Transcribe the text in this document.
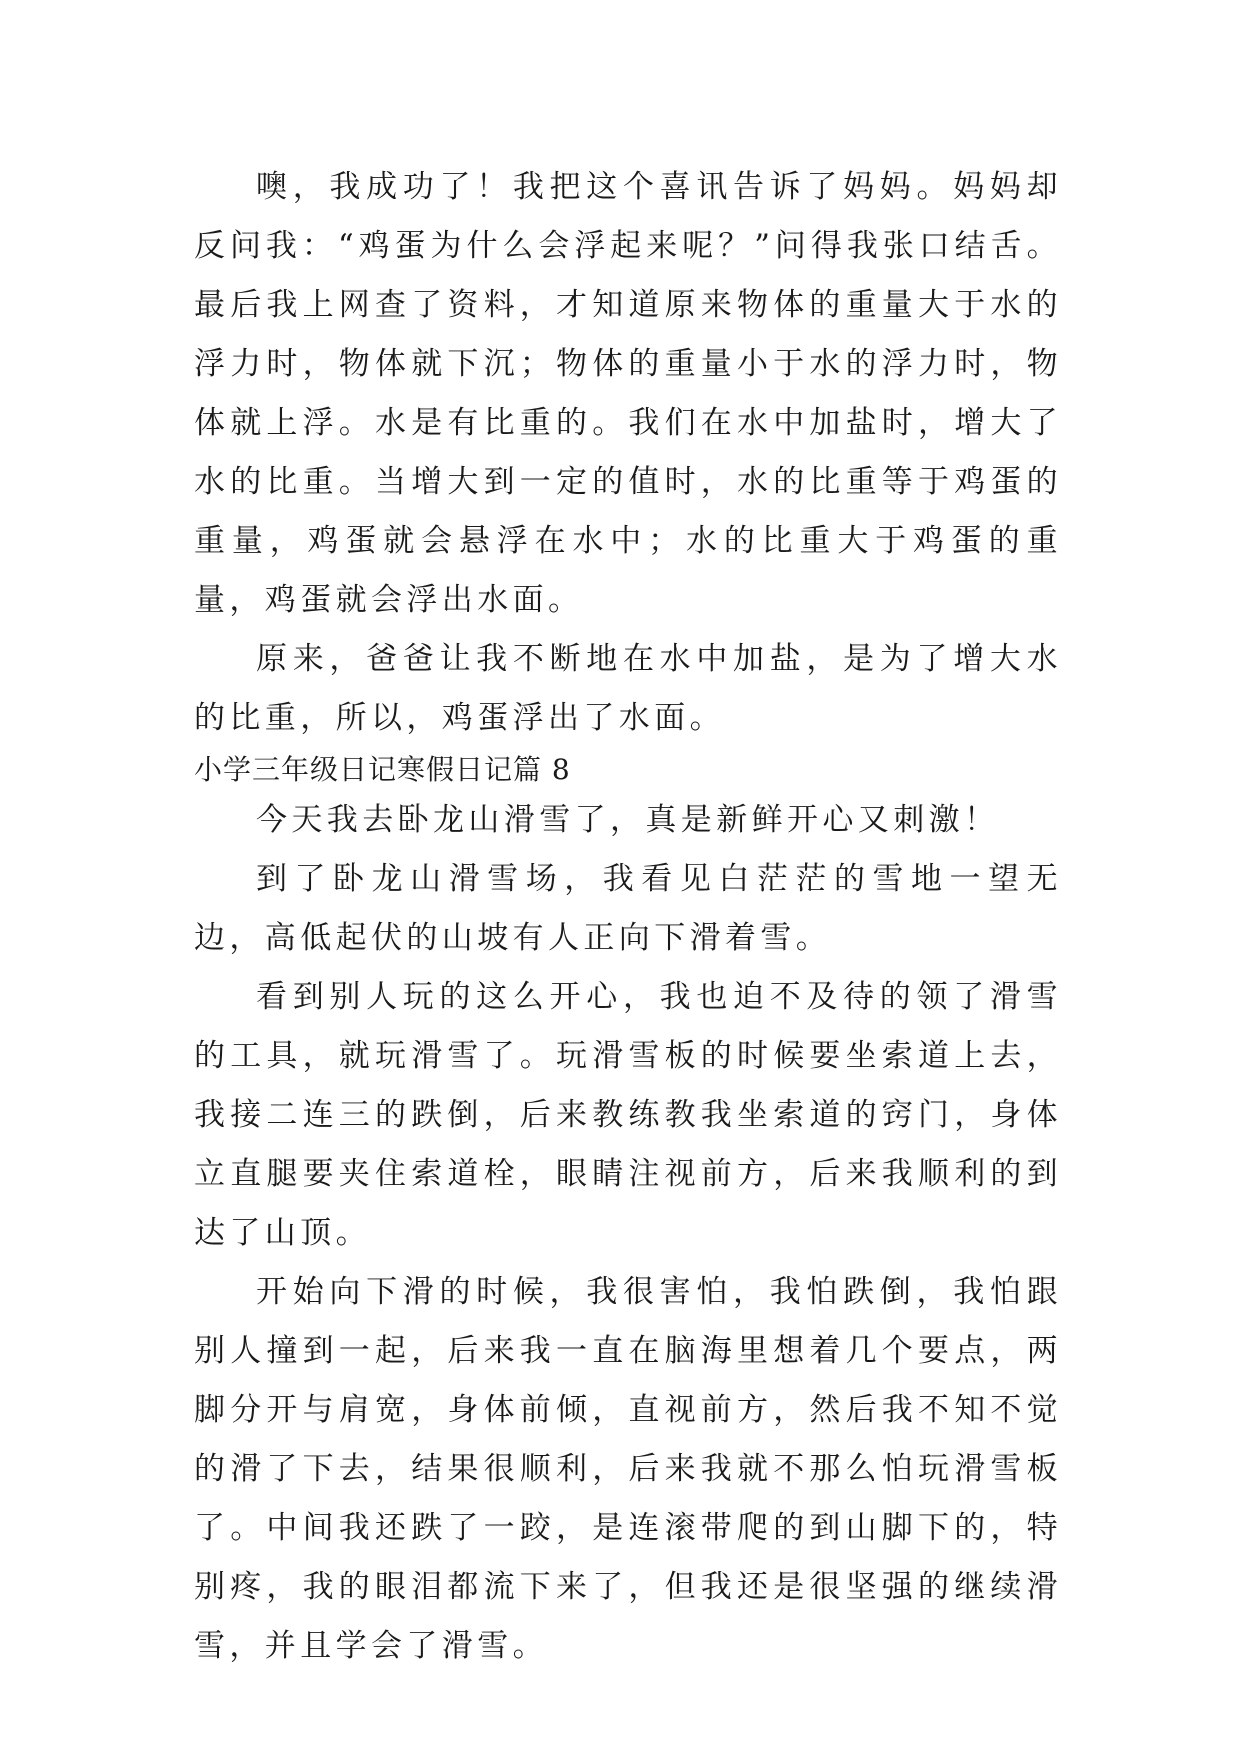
噢，我成功了！我把这个喜讯告诉了妈妈。妈妈却反问我：“鸡蛋为什么会浮起来呢？”问得我张口结舌。最后我上网查了资料，才知道原来物体的重量大于水的浮力时，物体就下沉；物体的重量小于水的浮力时，物体就上浮。水是有比重的。我们在水中加盐时，增大了水的比重。当增大到一定的值时，水的比重等于鸡蛋的重量，鸡蛋就会悬浮在水中；水的比重大于鸡蛋的重量，鸡蛋就会浮出水面。

原来，爸爸让我不断地在水中加盐，是为了增大水的比重，所以，鸡蛋浮出了水面。

小学三年级日记寒假日记篇 8

今天我去卧龙山滑雪了，真是新鲜开心又刺激！

到了卧龙山滑雪场，我看见白茫茫的雪地一望无边，高低起伏的山坡有人正向下滑着雪。

看到别人玩的这么开心，我也迫不及待的领了滑雪的工具，就玩滑雪了。玩滑雪板的时候要坐索道上去，我接二连三的跌倒，后来教练教我坐索道的窍门，身体立直腿要夹住索道栓，眼睛注视前方，后来我顺利的到达了山顶。

开始向下滑的时候，我很害怕，我怕跌倒，我怕跟别人撞到一起，后来我一直在脑海里想着几个要点，两脚分开与肩宽，身体前倾，直视前方，然后我不知不觉的滑了下去，结果很顺利，后来我就不那么怕玩滑雪板了。中间我还跌了一跤，是连滚带爬的到山脚下的，特别疼，我的眼泪都流下来了，但我还是很坚强的继续滑雪，并且学会了滑雪。
